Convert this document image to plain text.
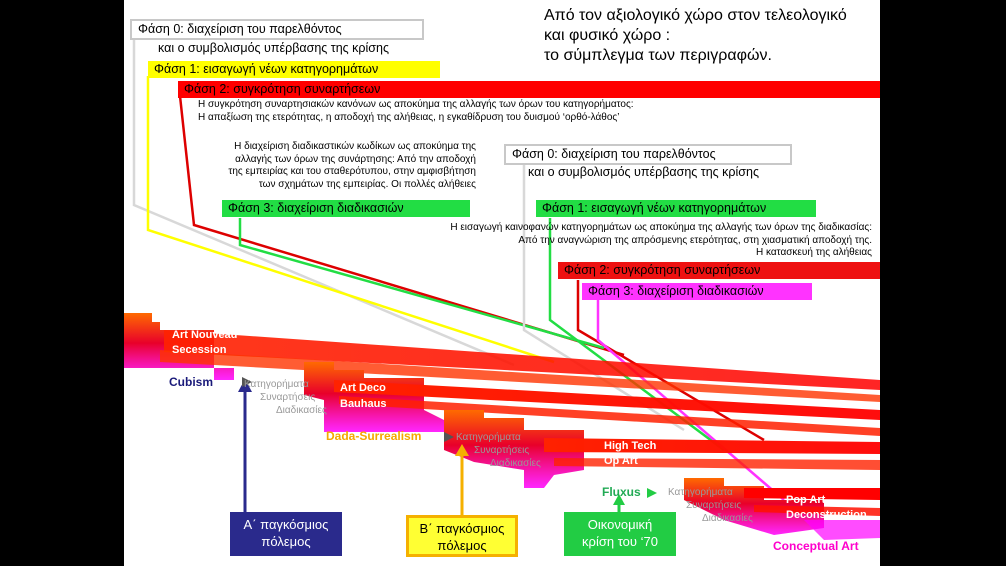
Από τον αξιολογικό χώρο στον τελεολογικό
και φυσικό χώρο :
το σύμπλεγμα των περιγραφών.
Φάση 0: διαχείριση του παρελθόντος
και ο συμβολισμός υπέρβασης της κρίσης
Φάση 1: εισαγωγή νέων κατηγορημάτων
Φάση 2: συγκρότηση συναρτήσεων
Η συγκρότηση συναρτησιακών κανόνων ως αποκύημα της αλλαγής των όρων του κατηγορήματος:
Η απαξίωση της ετερότητας, η αποδοχή της αλήθειας, η εγκαθίδρυση του δυισμού ‘ορθό-λάθος’
Η διαχείριση διαδικαστικών κωδίκων ως αποκύημα της
αλλαγής των όρων της συνάρτησης: Από την αποδοχή
της εμπειρίας και του σταθερότυπου, στην αμφισβήτηση
των σχημάτων της εμπειρίας. Οι πολλές αλήθειες
Φάση 3: διαχείριση διαδικασιών
Φάση 0: διαχείριση του παρελθόντος
και ο συμβολισμός υπέρβασης της κρίσης
Φάση 1: εισαγωγή νέων κατηγορημάτων
Η εισαγωγή καινοφανών κατηγορημάτων ως αποκύημα της αλλαγής των όρων της διαδικασίας:
Από την αναγνώριση της απρόσμενης ετερότητας, στη χιασματική αποδοχή της.
Η κατασκευή της αλήθειας
Φάση 2: συγκρότηση συναρτήσεων
Φάση 3: διαχείριση διαδικασιών
Art Nouveau
Secession
Cubism	Art Deco
Bauhaus
Dada-Surrealism
High Tech
Op Art
Fluxus
Pop Art
Deconstruction
Conceptual Art
Κατηγορήματα
Συναρτήσεις
Διαδικασίες
Κατηγορήματα
Συναρτήσεις
Διαδικασίες
Κατηγορήματα
Συναρτήσεις
Διαδικασίες
Α΄ παγκόσμιος
πόλεμος
Β΄ παγκόσμιος
πόλεμος
Οικονομική
κρίση του ‘70
